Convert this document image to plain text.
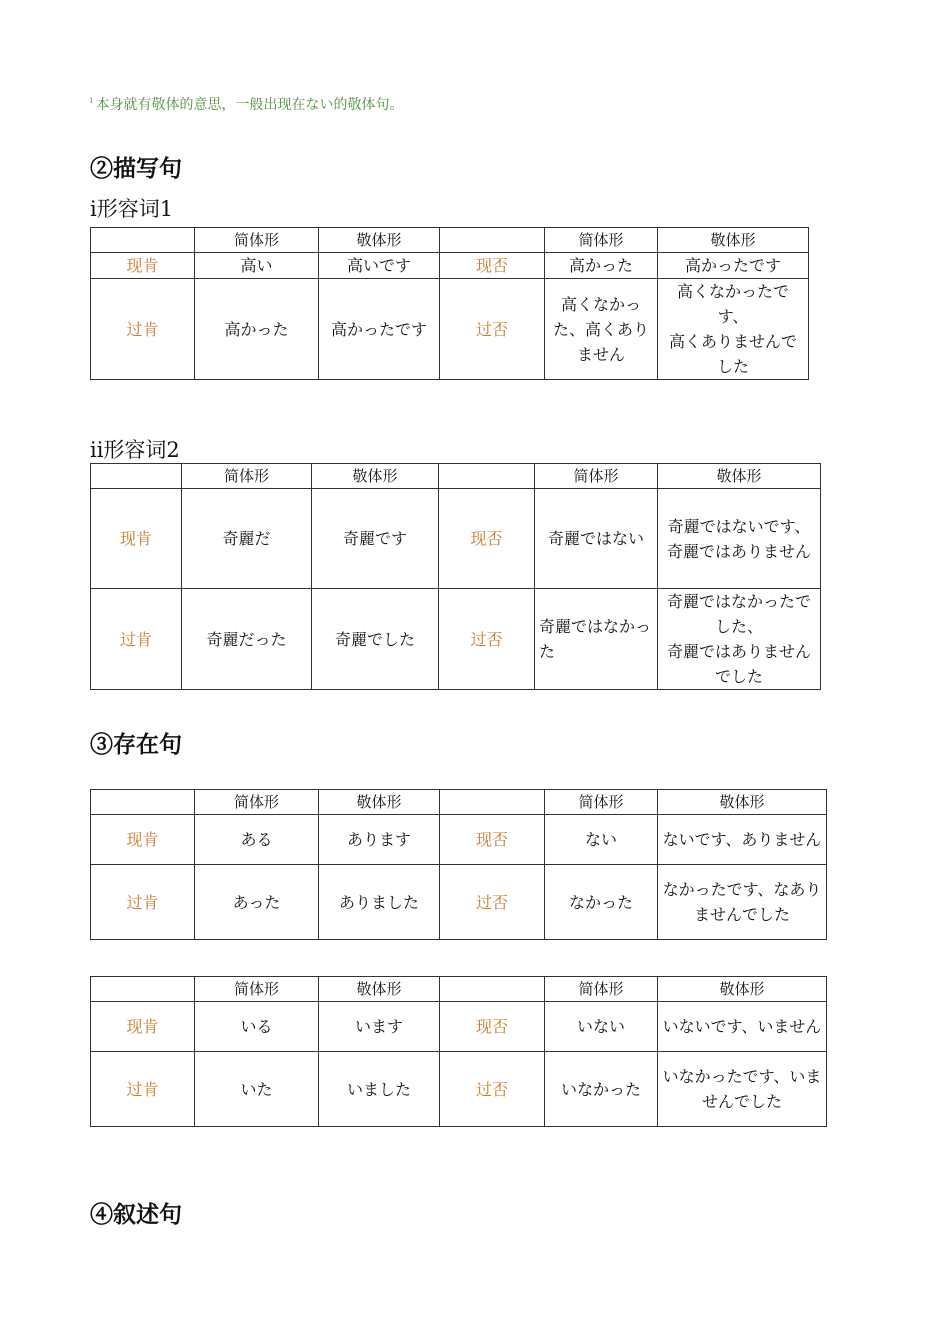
$^i$ 本身就有敬体的意思，一般出现在ない的敬体句。
②描写句
i形容词1
	简体形	敬体形		简体形	敬体形
现肯	高い	高いです	现否	高かった	高かったです
过肯	高かった	高かったです	过否	高くなかった、高くありません	高くなかったです、
高くありませんでした
ii形容词2
	简体形	敬体形		简体形	敬体形
现肯	奇麗だ	奇麗です	现否	奇麗ではない	奇麗ではないです、
奇麗ではありません
过肯	奇麗だった	奇麗でした	过否	奇麗ではなかった	奇麗ではなかったでした、
奇麗ではありませんでした
③存在句
	简体形	敬体形		简体形	敬体形
现肯	ある	あります	现否	ない	ないです、ありません
过肯	あった	ありました	过否	なかった	なかったです、なありませんでした
	简体形	敬体形		简体形	敬体形
现肯	いる	います	现否	いない	いないです、いません
过肯	いた	いました	过否	いなかった	いなかったです、いませんでした
④叙述句
